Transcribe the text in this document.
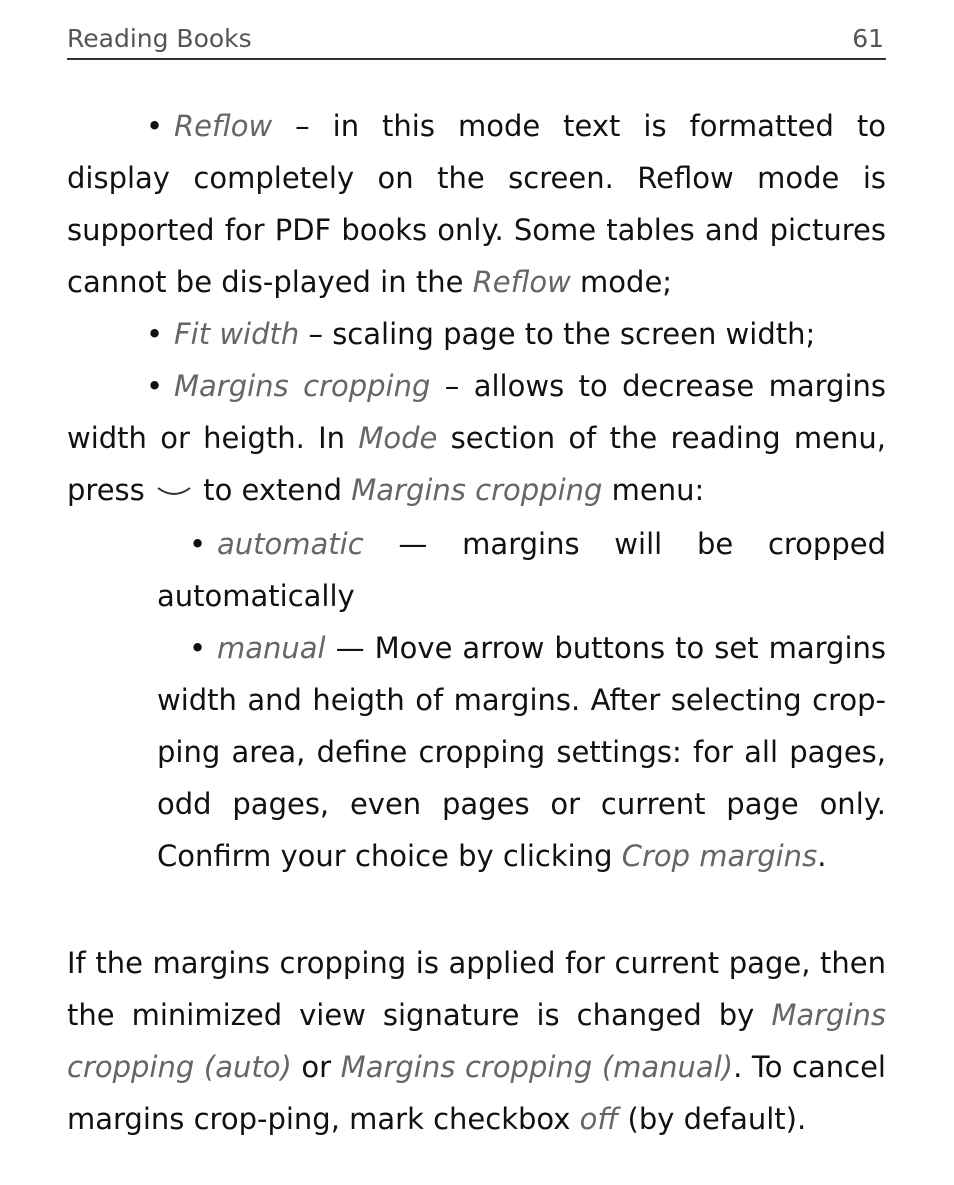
Reading Books	61

• Reflow – in this mode text is formatted to display completely on the screen. Reflow mode is supported for PDF books only. Some tables and pictures cannot be dis-played in the Reflow mode;

• Fit width – scaling page to the screen width;

• Margins cropping – allows to decrease margins width or heigth. In Mode section of the reading menu, press  to extend Margins cropping menu:

• automatic — margins will be cropped automatically

• manual — Move arrow buttons to set margins width and heigth of margins. After selecting crop-ping area, define cropping settings: for all pages, odd pages, even pages or current page only. Confirm your choice by clicking Crop margins.

If the margins cropping is applied for current page, then the minimized view signature is changed by Margins cropping (auto) or Margins cropping (manual). To cancel margins crop-ping, mark checkbox off (by default).
